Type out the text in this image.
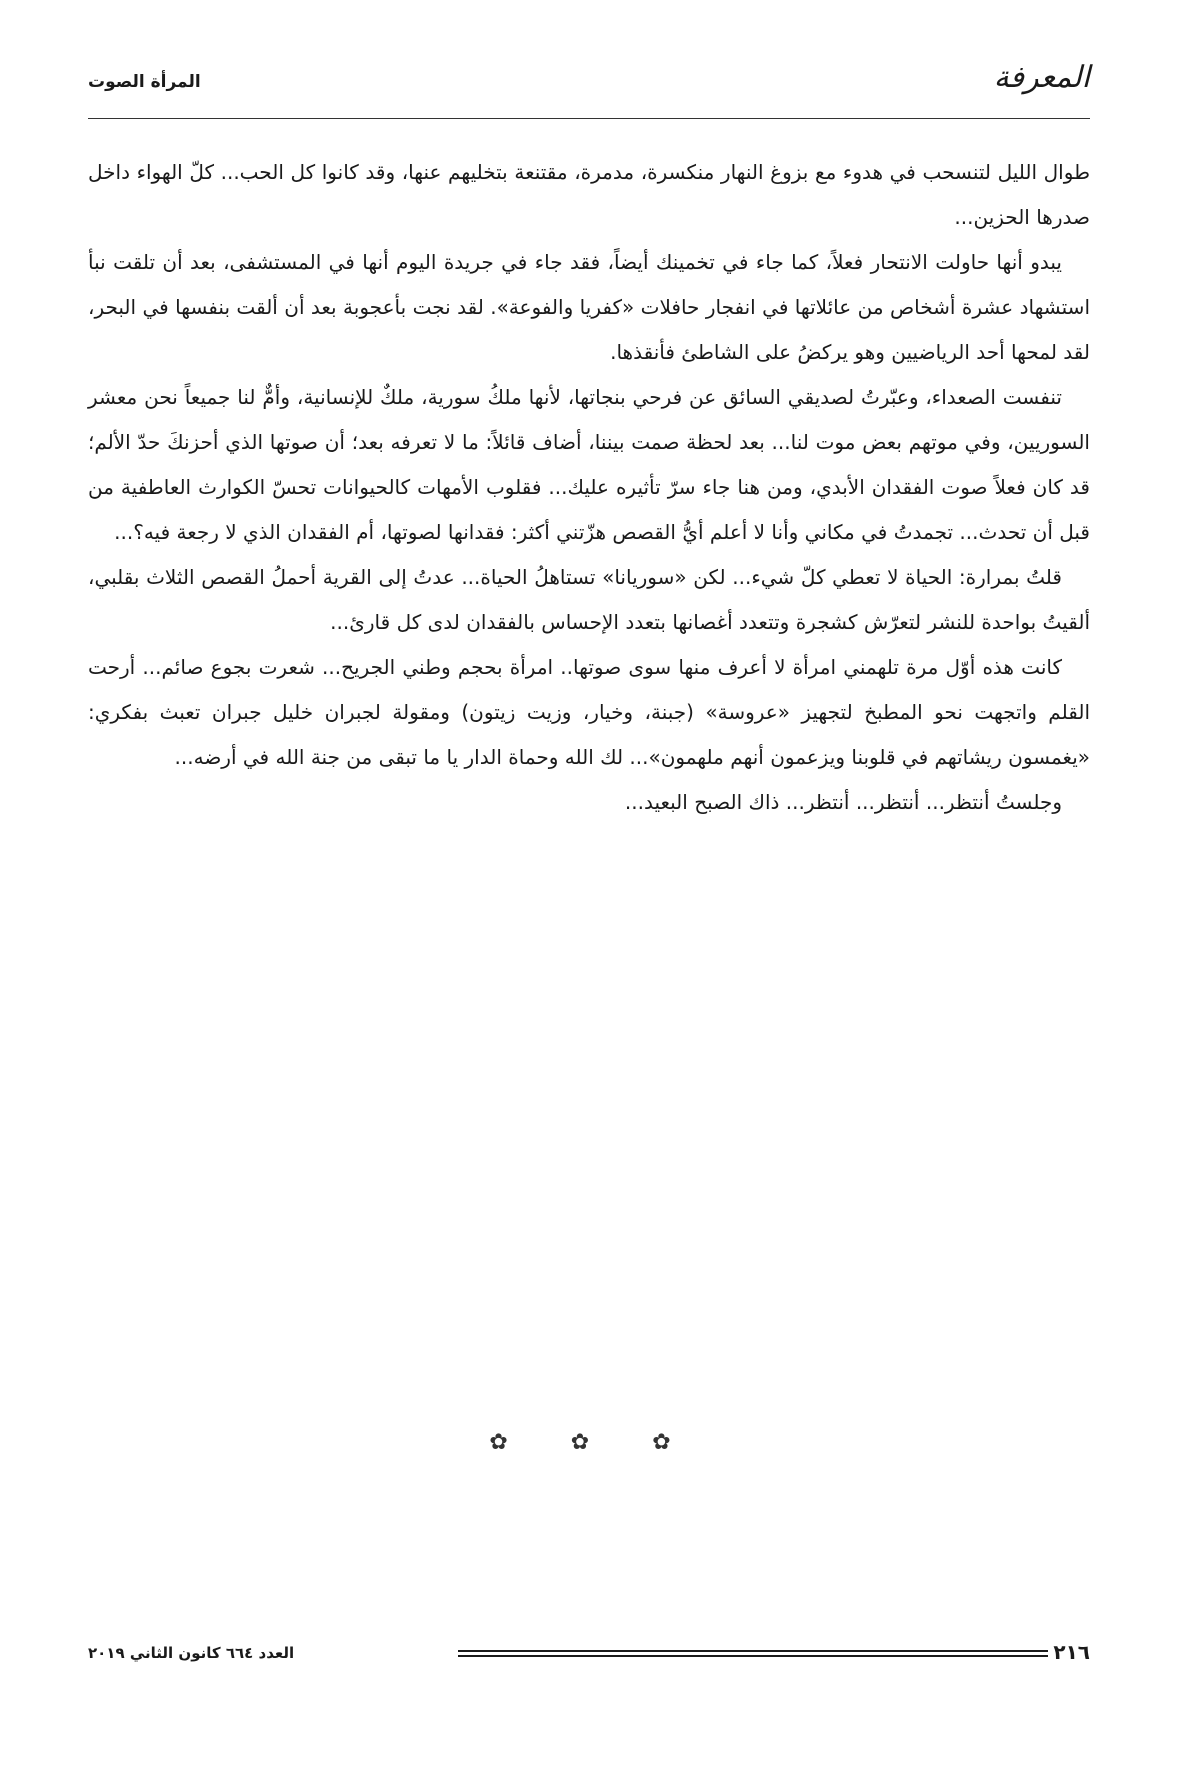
المرأة الصوت	المعرفة

طوال الليل لتنسحب في هدوء مع بزوغ النهار منكسرة، مدمرة، مقتنعة بتخليهم عنها، وقد كانوا كل الحب... كلّ الهواء داخل صدرها الحزين...

يبدو أنها حاولت الانتحار فعلاً، كما جاء في تخمينك أيضاً، فقد جاء في جريدة اليوم أنها في المستشفى، بعد أن تلقت نبأ استشهاد عشرة أشخاص من عائلاتها في انفجار حافلات «كفريا والفوعة». لقد نجت بأعجوبة بعد أن ألقت بنفسها في البحر، لقد لمحها أحد الرياضيين وهو يركضُ على الشاطئ فأنقذها.

تنفست الصعداء، وعبّرتُ لصديقي السائق عن فرحي بنجاتها، لأنها ملكُ سورية، ملكٌ للإنسانية، وأمٌّ لنا جميعاً نحن معشر السوريين، وفي موتهم بعض موت لنا... بعد لحظة صمت بيننا، أضاف قائلاً: ما لا تعرفه بعد؛ أن صوتها الذي أحزنكَ حدّ الألم؛ قد كان فعلاً صوت الفقدان الأبدي، ومن هنا جاء سرّ تأثيره عليك... فقلوب الأمهات كالحيوانات تحسّ الكوارث العاطفية من قبل أن تحدث... تجمدتُ في مكاني وأنا لا أعلم أيُّ القصص هزّتني أكثر: فقدانها لصوتها، أم الفقدان الذي لا رجعة فيه؟...

قلتُ بمرارة: الحياة لا تعطي كلّ شيء... لكن «سوريانا» تستاهلُ الحياة... عدتُ إلى القرية أحملُ القصص الثلاث بقلبي، ألقيتُ بواحدة للنشر لتعرّش كشجرة وتتعدد أغصانها بتعدد الإحساس بالفقدان لدى كل قارئ...

كانت هذه أوّل مرة تلهمني امرأة لا أعرف منها سوى صوتها.. امرأة بحجم وطني الجريح... شعرت بجوع صائم... أرحت القلم واتجهت نحو المطبخ لتجهيز «عروسة» (جبنة، وخيار، وزيت زيتون) ومقولة لجبران خليل جبران تعبث بفكري: «يغمسون ريشاتهم في قلوبنا ويزعمون أنهم ملهمون»... لك الله وحماة الدار يا ما تبقى من جنة الله في أرضه...

وجلستُ أنتظر... أنتظر... أنتظر... ذاك الصبح البعيد...

✿ ✿ ✿
العدد ٦٦٤ كانون الثاني ٢٠١٩	٢١٦
